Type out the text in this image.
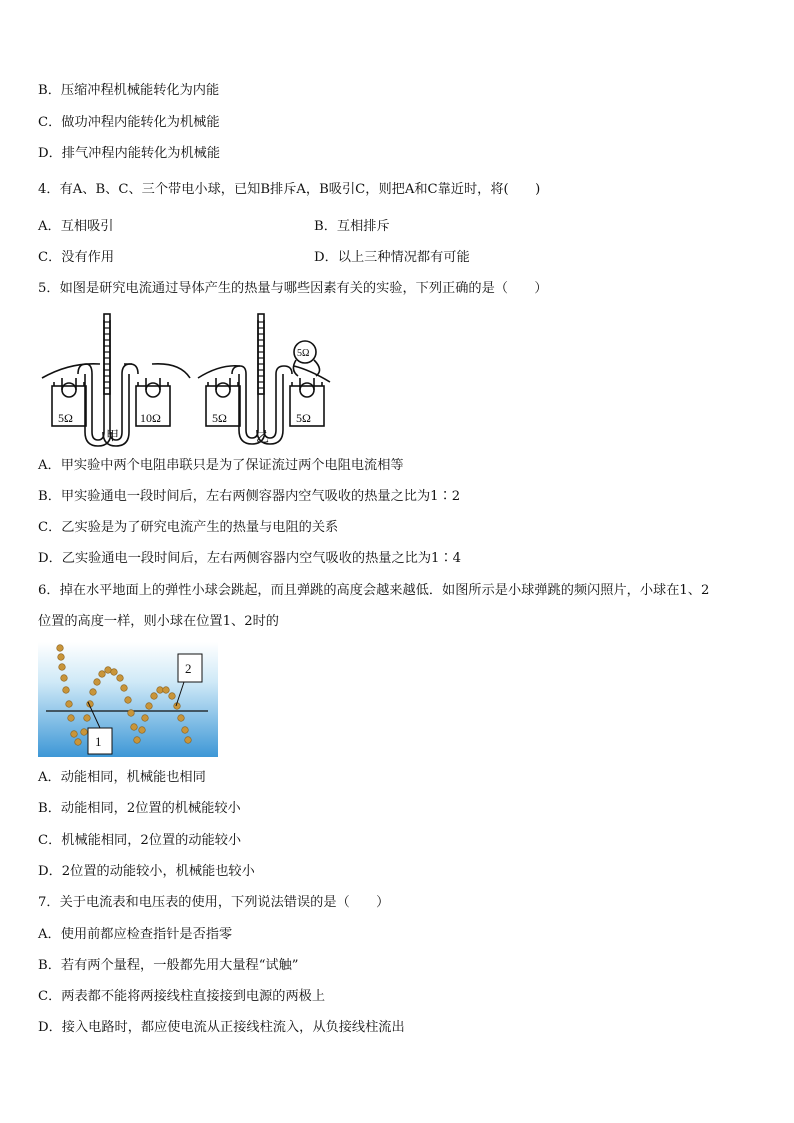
B．压缩冲程机械能转化为内能
C．做功冲程内能转化为机械能
D．排气冲程内能转化为机械能
4．有A、B、C、三个带电小球，已知B排斥A，B吸引C，则把A和C靠近时，将(　　)
A．互相吸引	B．互相排斥
C．没有作用	D．以上三种情况都有可能
5．如图是研究电流通过导体产生的热量与哪些因素有关的实验，下列正确的是（　　）
5Ω	10Ω
甲
5Ω	5Ω
5Ω
乙
A．甲实验中两个电阻串联只是为了保证流过两个电阻电流相等
B．甲实验通电一段时间后，左右两侧容器内空气吸收的热量之比为1∶2
C．乙实验是为了研究电流产生的热量与电阻的关系
D．乙实验通电一段时间后，左右两侧容器内空气吸收的热量之比为1∶4
6．掉在水平地面上的弹性小球会跳起，而且弹跳的高度会越来越低．如图所示是小球弹跳的频闪照片，小球在1、2
位置的高度一样，则小球在位置1、2时的
1
2
A．动能相同，机械能也相同
B．动能相同，2位置的机械能较小
C．机械能相同，2位置的动能较小
D．2位置的动能较小，机械能也较小
7．关于电流表和电压表的使用，下列说法错误的是（　　）
A．使用前都应检查指针是否指零
B．若有两个量程，一般都先用大量程“试触”
C．两表都不能将两接线柱直接接到电源的两极上
D．接入电路时，都应使电流从正接线柱流入，从负接线柱流出
